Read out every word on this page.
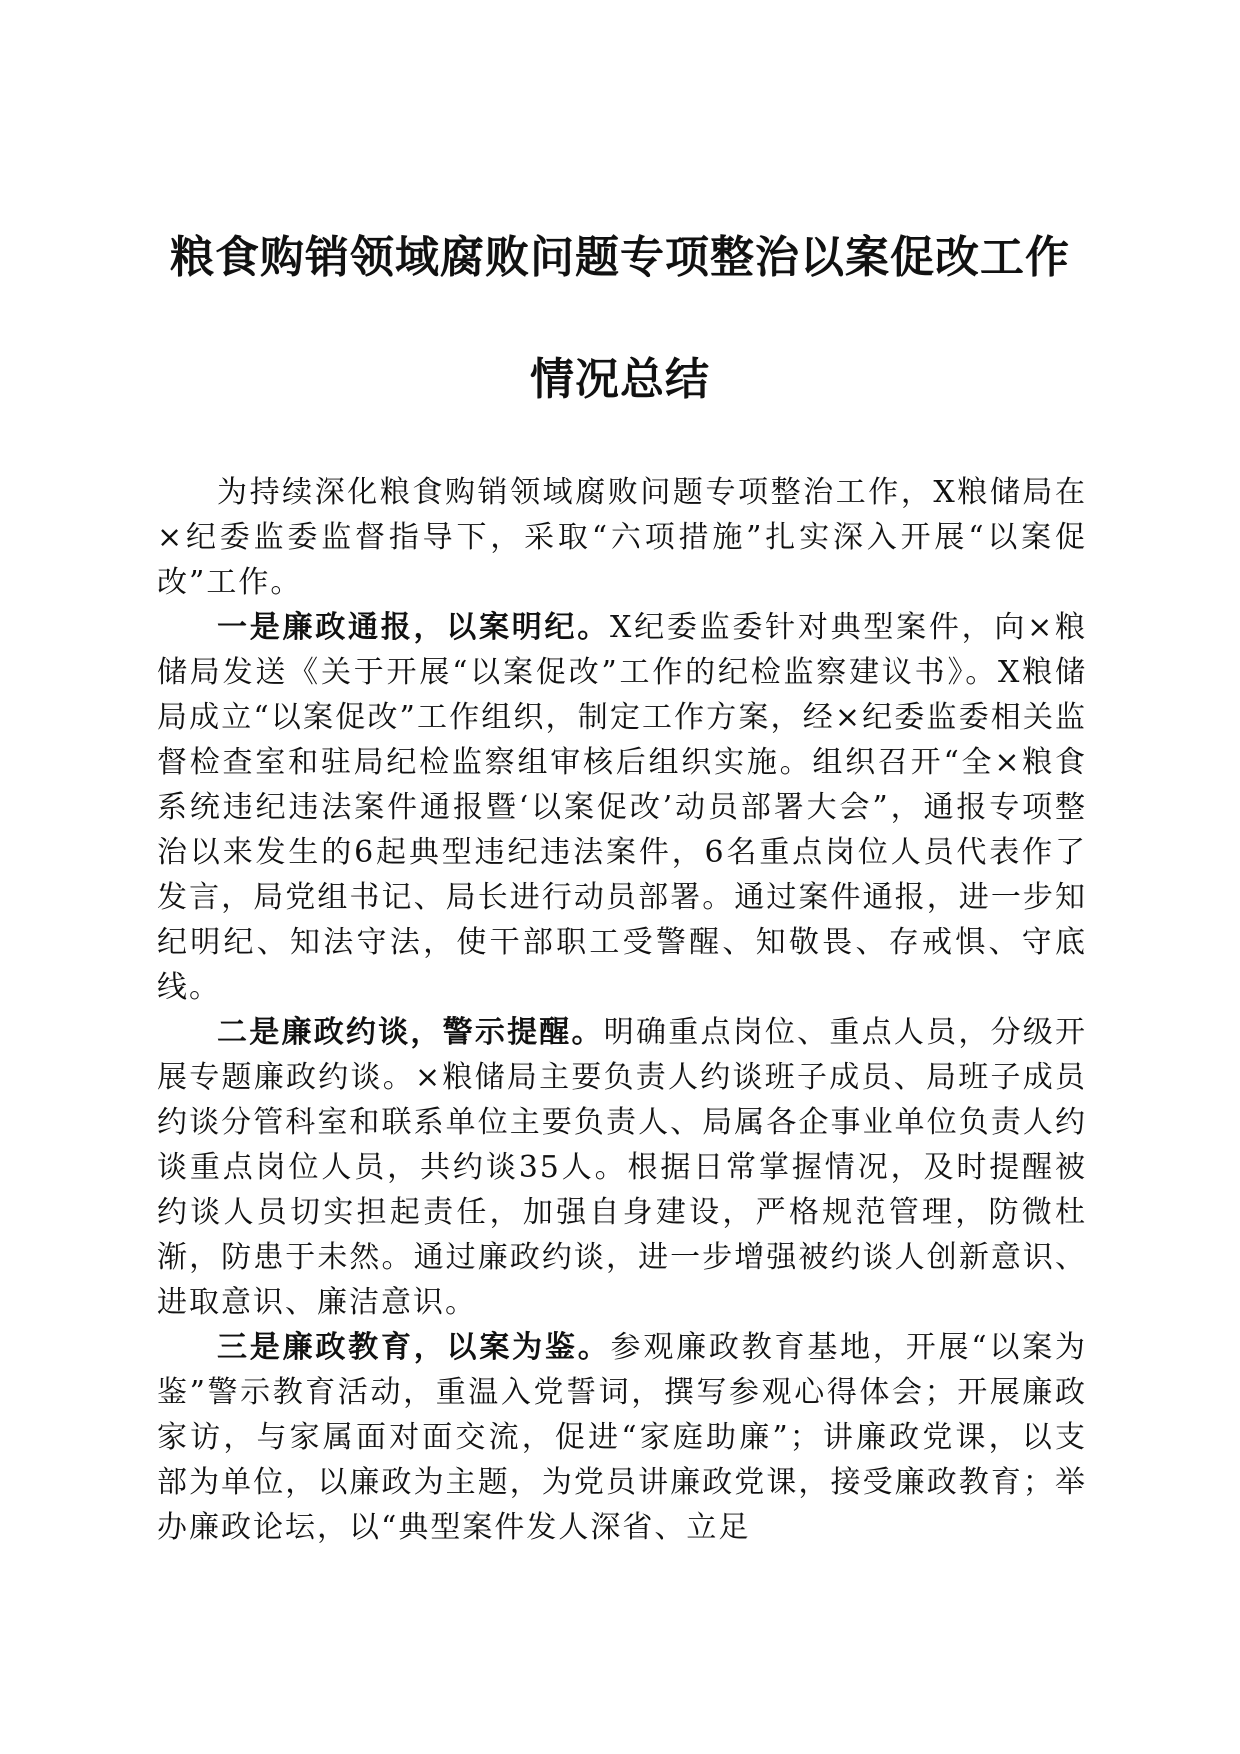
粮食购销领域腐败问题专项整治以案促改工作
情况总结

为持续深化粮食购销领域腐败问题专项整治工作，X粮储局在×纪委监委监督指导下，采取“六项措施”扎实深入开展“以案促改”工作。

一是廉政通报，以案明纪。X纪委监委针对典型案件，向×粮储局发送《关于开展“以案促改”工作的纪检监察建议书》。X粮储局成立“以案促改”工作组织，制定工作方案，经×纪委监委相关监督检查室和驻局纪检监察组审核后组织实施。组织召开“全×粮食系统违纪违法案件通报暨‘以案促改’动员部署大会”，通报专项整治以来发生的6起典型违纪违法案件，6名重点岗位人员代表作了发言，局党组书记、局长进行动员部署。通过案件通报，进一步知纪明纪、知法守法，使干部职工受警醒、知敬畏、存戒惧、守底线。

二是廉政约谈，警示提醒。明确重点岗位、重点人员，分级开展专题廉政约谈。×粮储局主要负责人约谈班子成员、局班子成员约谈分管科室和联系单位主要负责人、局属各企事业单位负责人约谈重点岗位人员，共约谈35人。根据日常掌握情况，及时提醒被约谈人员切实担起责任，加强自身建设，严格规范管理，防微杜渐，防患于未然。通过廉政约谈，进一步增强被约谈人创新意识、进取意识、廉洁意识。

三是廉政教育，以案为鉴。参观廉政教育基地，开展“以案为鉴”警示教育活动，重温入党誓词，撰写参观心得体会；开展廉政家访，与家属面对面交流，促进“家庭助廉”；讲廉政党课，以支部为单位，以廉政为主题，为党员讲廉政党课，接受廉政教育；举办廉政论坛，以“典型案件发人深省、立足
